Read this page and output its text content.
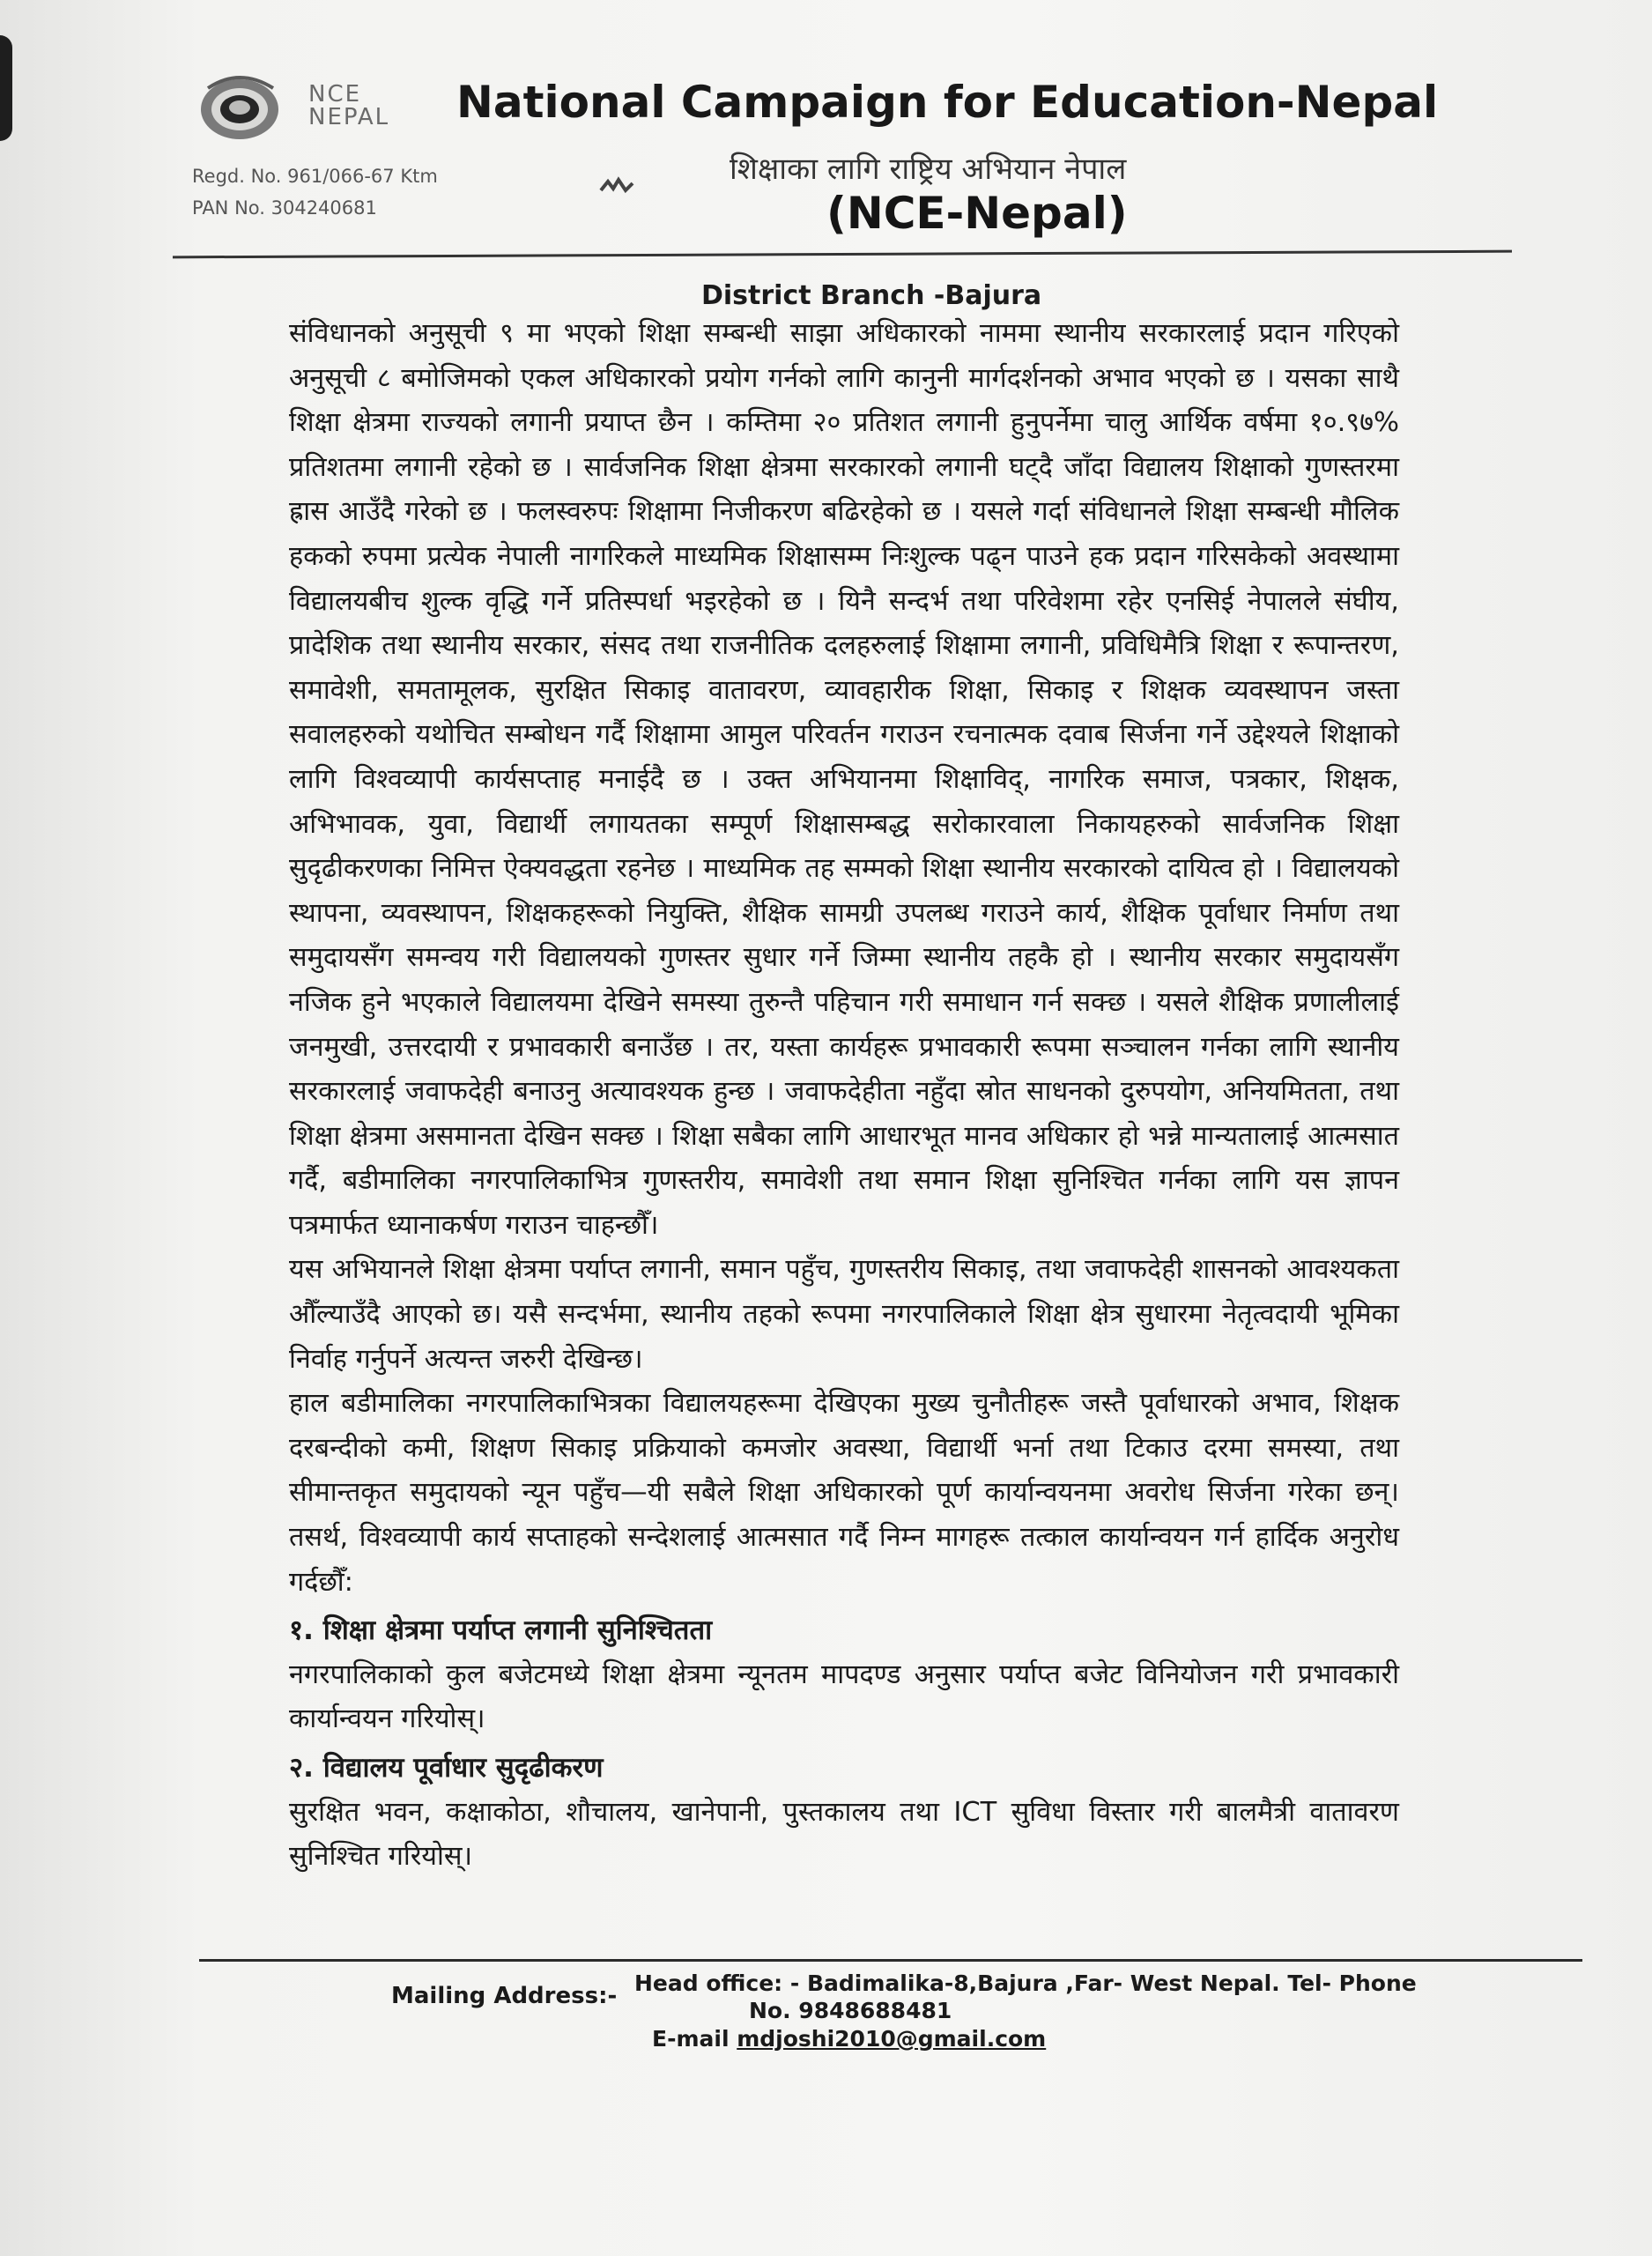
NCE
NEPAL National Campaign for Education-Nepal
शिक्षाका लागि राष्ट्रिय अभियान नेपाल
Regd. No. 961/066-67 Ktm
PAN No. 304240681	(NCE-Nepal)
District Branch -Bajura

संविधानको अनुसूची ९ मा भएको शिक्षा सम्बन्धी साझा अधिकारको नाममा स्थानीय सरकारलाई प्रदान गरिएको अनुसूची ८ बमोजिमको एकल अधिकारको प्रयोग गर्नको लागि कानुनी मार्गदर्शनको अभाव भएको छ । यसका साथै शिक्षा क्षेत्रमा राज्यको लगानी प्रयाप्त छैन । कम्तिमा २० प्रतिशत लगानी हुनुपर्नेमा चालु आर्थिक वर्षमा १०.९७% प्रतिशतमा लगानी रहेको छ । सार्वजनिक शिक्षा क्षेत्रमा सरकारको लगानी घट्दै जाँदा विद्यालय शिक्षाको गुणस्तरमा ह्रास आउँदै गरेको छ । फलस्वरुपः शिक्षामा निजीकरण बढिरहेको छ । यसले गर्दा संविधानले शिक्षा सम्बन्धी मौलिक हकको रुपमा प्रत्येक नेपाली नागरिकले माध्यमिक शिक्षासम्म निःशुल्क पढ्न पाउने हक प्रदान गरिसकेको अवस्थामा विद्यालयबीच शुल्क वृद्धि गर्ने प्रतिस्पर्धा भइरहेको छ । यिनै सन्दर्भ तथा परिवेशमा रहेर एनसिई नेपालले संघीय, प्रादेशिक तथा स्थानीय सरकार, संसद तथा राजनीतिक दलहरुलाई शिक्षामा लगानी, प्रविधिमैत्रि शिक्षा र रूपान्तरण, समावेशी, समतामूलक, सुरक्षित सिकाइ वातावरण, व्यावहारीक शिक्षा, सिकाइ र शिक्षक व्यवस्थापन जस्ता सवालहरुको यथोचित सम्बोधन गर्दै शिक्षामा आमुल परिवर्तन गराउन रचनात्मक दवाब सिर्जना गर्ने उद्देश्यले शिक्षाको लागि विश्वव्यापी कार्यसप्ताह मनाईदै छ । उक्त अभियानमा शिक्षाविद्, नागरिक समाज, पत्रकार, शिक्षक, अभिभावक, युवा, विद्यार्थी लगायतका सम्पूर्ण शिक्षासम्बद्ध सरोकारवाला निकायहरुको सार्वजनिक शिक्षा सुदृढीकरणका निमित्त ऐक्यवद्धता रहनेछ । माध्यमिक तह सम्मको शिक्षा स्थानीय सरकारको दायित्व हो । विद्यालयको स्थापना, व्यवस्थापन, शिक्षकहरूको नियुक्ति, शैक्षिक सामग्री उपलब्ध गराउने कार्य, शैक्षिक पूर्वाधार निर्माण तथा समुदायसँग समन्वय गरी विद्यालयको गुणस्तर सुधार गर्ने जिम्मा स्थानीय तहकै हो । स्थानीय सरकार समुदायसँग नजिक हुने भएकाले विद्यालयमा देखिने समस्या तुरुन्तै पहिचान गरी समाधान गर्न सक्छ । यसले शैक्षिक प्रणालीलाई जनमुखी, उत्तरदायी र प्रभावकारी बनाउँछ । तर, यस्ता कार्यहरू प्रभावकारी रूपमा सञ्चालन गर्नका लागि स्थानीय सरकारलाई जवाफदेही बनाउनु अत्यावश्यक हुन्छ । जवाफदेहीता नहुँदा स्रोत साधनको दुरुपयोग, अनियमितता, तथा शिक्षा क्षेत्रमा असमानता देखिन सक्छ । शिक्षा सबैका लागि आधारभूत मानव अधिकार हो भन्ने मान्यतालाई आत्मसात गर्दै, बडीमालिका नगरपालिकाभित्र गुणस्तरीय, समावेशी तथा समान शिक्षा सुनिश्चित गर्नका लागि यस ज्ञापन पत्रमार्फत ध्यानाकर्षण गराउन चाहन्छौँ।

यस अभियानले शिक्षा क्षेत्रमा पर्याप्त लगानी, समान पहुँच, गुणस्तरीय सिकाइ, तथा जवाफदेही शासनको आवश्यकता औँल्याउँदै आएको छ। यसै सन्दर्भमा, स्थानीय तहको रूपमा नगरपालिकाले शिक्षा क्षेत्र सुधारमा नेतृत्वदायी भूमिका निर्वाह गर्नुपर्ने अत्यन्त जरुरी देखिन्छ।

हाल बडीमालिका नगरपालिकाभित्रका विद्यालयहरूमा देखिएका मुख्य चुनौतीहरू जस्तै पूर्वाधारको अभाव, शिक्षक दरबन्दीको कमी, शिक्षण सिकाइ प्रक्रियाको कमजोर अवस्था, विद्यार्थी भर्ना तथा टिकाउ दरमा समस्या, तथा सीमान्तकृत समुदायको न्यून पहुँच—यी सबैले शिक्षा अधिकारको पूर्ण कार्यान्वयनमा अवरोध सिर्जना गरेका छन्। तसर्थ, विश्वव्यापी कार्य सप्ताहको सन्देशलाई आत्मसात गर्दै निम्न मागहरू तत्काल कार्यान्वयन गर्न हार्दिक अनुरोध गर्दछौँ:

१. शिक्षा क्षेत्रमा पर्याप्त लगानी सुनिश्चितता

नगरपालिकाको कुल बजेटमध्ये शिक्षा क्षेत्रमा न्यूनतम मापदण्ड अनुसार पर्याप्त बजेट विनियोजन गरी प्रभावकारी कार्यान्वयन गरियोस्।

२. विद्यालय पूर्वाधार सुदृढीकरण

सुरक्षित भवन, कक्षाकोठा, शौचालय, खानेपानी, पुस्तकालय तथा ICT सुविधा विस्तार गरी बालमैत्री वातावरण सुनिश्चित गरियोस्।

Mailing Address:- Head office: - Badimalika-8,Bajura ,Far- West Nepal. Tel- Phone
No. 9848688481
E-mail mdjoshi2010@gmail.com
